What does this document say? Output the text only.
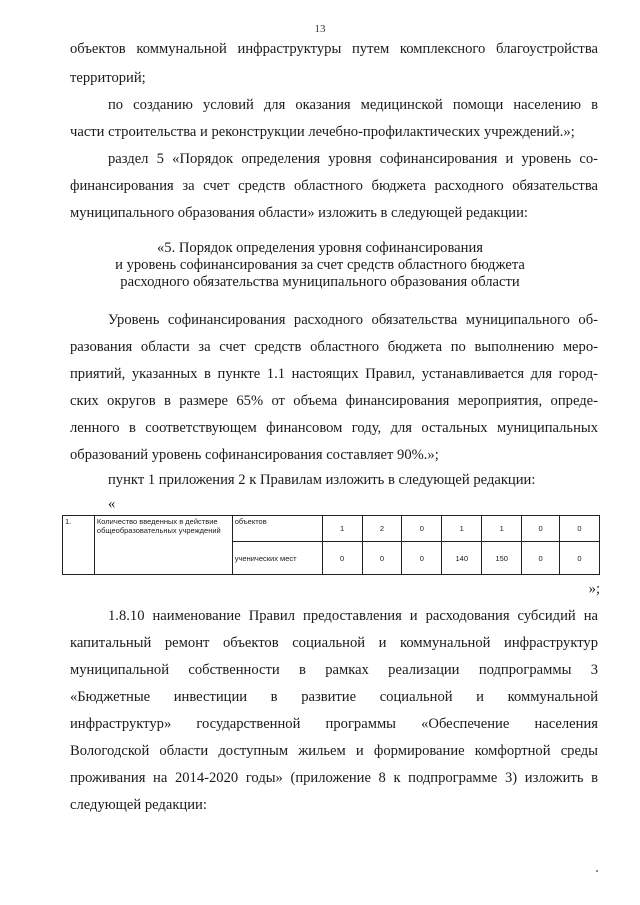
13
объектов коммунальной инфраструктуры путем комплексного благоустройства
территорий;
по созданию условий для оказания медицинской помощи населению в
части строительства и реконструкции лечебно-профилактических учреждений.»;
раздел 5 «Порядок определения уровня софинансирования и уровень со-
финансирования за счет средств областного бюджета расходного обязательства
муниципального образования области» изложить в следующей редакции:
«5. Порядок определения уровня софинансирования
и уровень софинансирования за счет средств областного бюджета
расходного обязательства муниципального образования области
Уровень софинансирования расходного обязательства муниципального об-
разования области за счет средств областного бюджета по выполнению меро-
приятий, указанных в пункте 1.1 настоящих Правил, устанавливается для город-
ских округов в размере 65% от объема финансирования мероприятия, опреде-
ленного в соответствующем финансовом году, для остальных муниципальных
образований уровень софинансирования составляет 90%.»;
пункт 1 приложения 2 к Правилам изложить в следующей редакции:
«
1.	Количество введенных в действие общеобразовательных учреждений	объектов	1	2	0	1	1	0	0
		ученических мест	0	0	0	140	150	0	0
»;
1.8.10 наименование Правил предоставления и расходования субсидий на
капитальный ремонт объектов социальной и коммунальной инфраструктур
муниципальной собственности в рамках реализации подпрограммы 3
«Бюджетные инвестиции в развитие социальной и коммунальной
инфраструктур» государственной программы «Обеспечение населения
Вологодской области доступным жильем и формирование комфортной среды
проживания на 2014-2020 годы» (приложение 8 к подпрограмме 3) изложить в
следующей редакции:
